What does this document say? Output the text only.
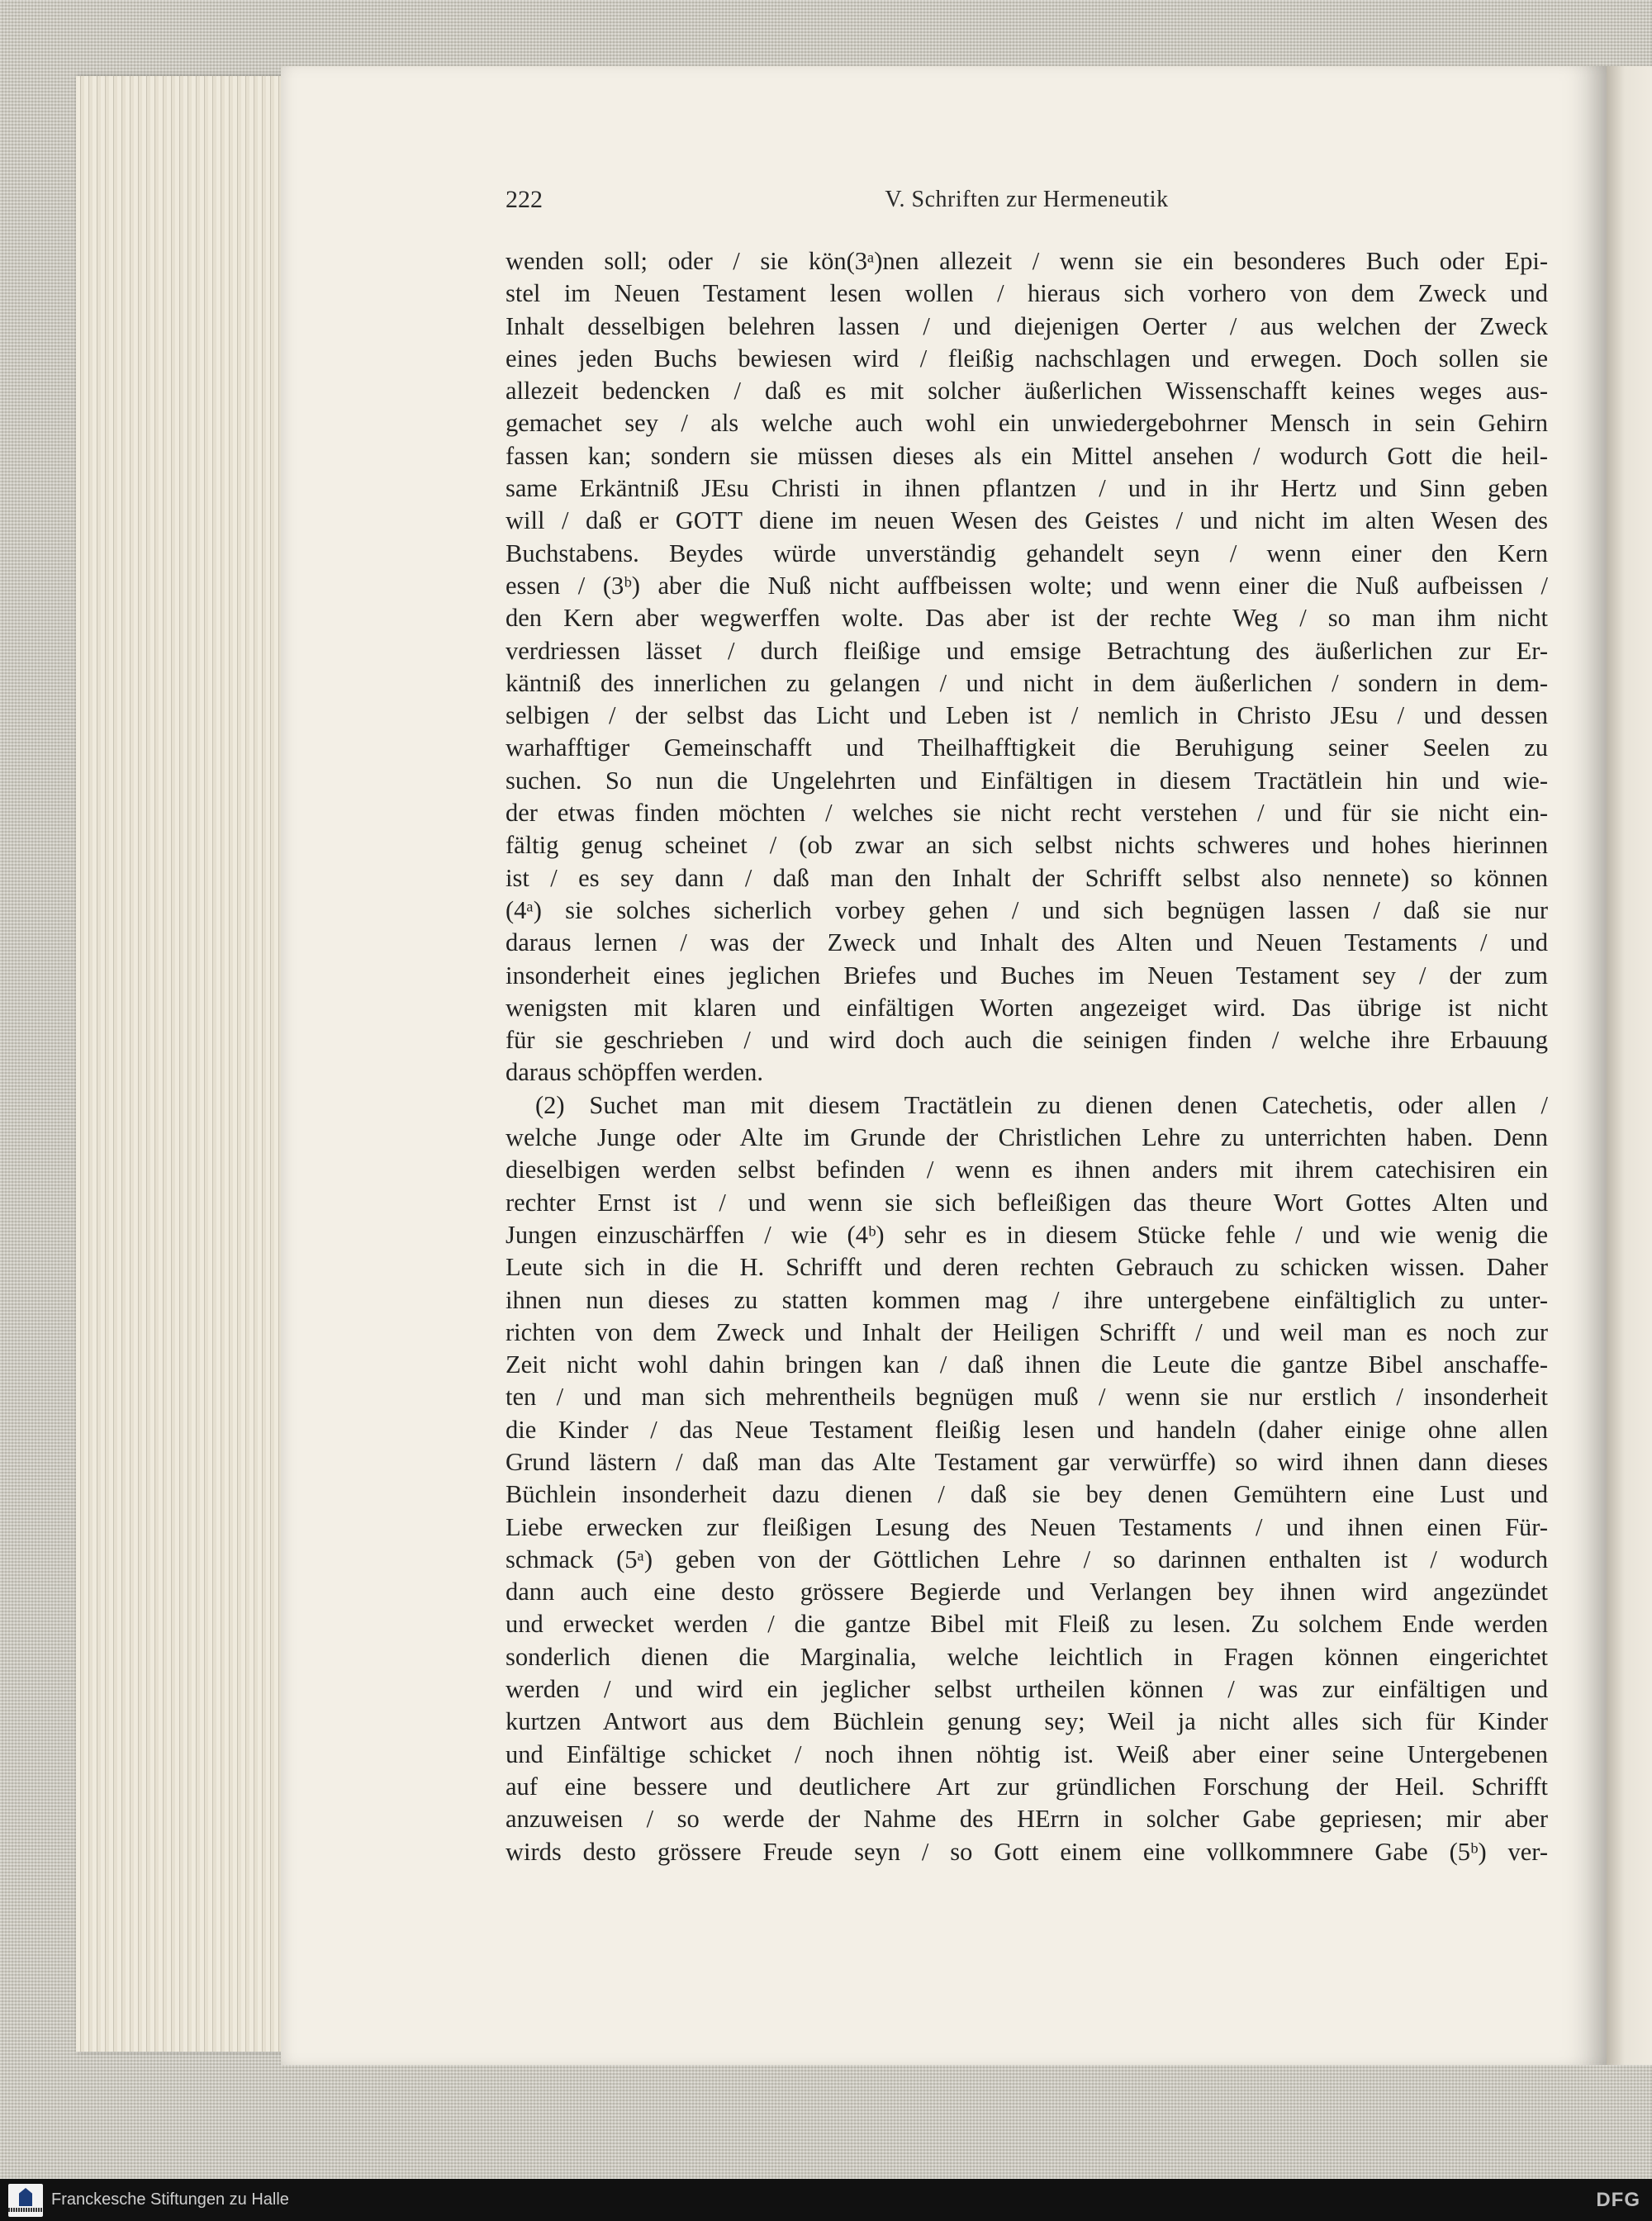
222	V. Schriften zur Hermeneutik
wenden soll; oder / sie kön(3ᵃ)nen allezeit / wenn sie ein besonderes Buch oder Epi-
stel im Neuen Testament lesen wollen / hieraus sich vorhero von dem Zweck und
Inhalt desselbigen belehren lassen / und diejenigen Oerter / aus welchen der Zweck
eines jeden Buchs bewiesen wird / fleißig nachschlagen und erwegen. Doch sollen sie
allezeit bedencken / daß es mit solcher äußerlichen Wissenschafft keines weges aus-
gemachet sey / als welche auch wohl ein unwiedergebohrner Mensch in sein Gehirn
fassen kan; sondern sie müssen dieses als ein Mittel ansehen / wodurch Gott die heil-
same Erkäntniß JEsu Christi in ihnen pflantzen / und in ihr Hertz und Sinn geben
will / daß er GOTT diene im neuen Wesen des Geistes / und nicht im alten Wesen des
Buchstabens. Beydes würde unverständig gehandelt seyn / wenn einer den Kern
essen / (3ᵇ) aber die Nuß nicht auffbeissen wolte; und wenn einer die Nuß aufbeissen /
den Kern aber wegwerffen wolte. Das aber ist der rechte Weg / so man ihm nicht
verdriessen lässet / durch fleißige und emsige Betrachtung des äußerlichen zur Er-
käntniß des innerlichen zu gelangen / und nicht in dem äußerlichen / sondern in dem-
selbigen / der selbst das Licht und Leben ist / nemlich in Christo JEsu / und dessen
warhafftiger Gemeinschafft und Theilhafftigkeit die Beruhigung seiner Seelen zu
suchen. So nun die Ungelehrten und Einfältigen in diesem Tractätlein hin und wie-
der etwas finden möchten / welches sie nicht recht verstehen / und für sie nicht ein-
fältig genug scheinet / (ob zwar an sich selbst nichts schweres und hohes hierinnen
ist / es sey dann / daß man den Inhalt der Schrifft selbst also nennete) so können
(4ᵃ) sie solches sicherlich vorbey gehen / und sich begnügen lassen / daß sie nur
daraus lernen / was der Zweck und Inhalt des Alten und Neuen Testaments / und
insonderheit eines jeglichen Briefes und Buches im Neuen Testament sey / der zum
wenigsten mit klaren und einfältigen Worten angezeiget wird. Das übrige ist nicht
für sie geschrieben / und wird doch auch die seinigen finden / welche ihre Erbauung
daraus schöpffen werden.
(2) Suchet man mit diesem Tractätlein zu dienen denen Catechetis, oder allen /
welche Junge oder Alte im Grunde der Christlichen Lehre zu unterrichten haben. Denn
dieselbigen werden selbst befinden / wenn es ihnen anders mit ihrem catechisiren ein
rechter Ernst ist / und wenn sie sich befleißigen das theure Wort Gottes Alten und
Jungen einzuschärffen / wie (4ᵇ) sehr es in diesem Stücke fehle / und wie wenig die
Leute sich in die H. Schrifft und deren rechten Gebrauch zu schicken wissen. Daher
ihnen nun dieses zu statten kommen mag / ihre untergebene einfältiglich zu unter-
richten von dem Zweck und Inhalt der Heiligen Schrifft / und weil man es noch zur
Zeit nicht wohl dahin bringen kan / daß ihnen die Leute die gantze Bibel anschaffe-
ten / und man sich mehrentheils begnügen muß / wenn sie nur erstlich / insonderheit
die Kinder / das Neue Testament fleißig lesen und handeln (daher einige ohne allen
Grund lästern / daß man das Alte Testament gar verwürffe) so wird ihnen dann dieses
Büchlein insonderheit dazu dienen / daß sie bey denen Gemühtern eine Lust und
Liebe erwecken zur fleißigen Lesung des Neuen Testaments / und ihnen einen Für-
schmack (5ᵃ) geben von der Göttlichen Lehre / so darinnen enthalten ist / wodurch
dann auch eine desto grössere Begierde und Verlangen bey ihnen wird angezündet
und erwecket werden / die gantze Bibel mit Fleiß zu lesen. Zu solchem Ende werden
sonderlich dienen die Marginalia, welche leichtlich in Fragen können eingerichtet
werden / und wird ein jeglicher selbst urtheilen können / was zur einfältigen und
kurtzen Antwort aus dem Büchlein genung sey; Weil ja nicht alles sich für Kinder
und Einfältige schicket / noch ihnen nöhtig ist. Weiß aber einer seine Untergebenen
auf eine bessere und deutlichere Art zur gründlichen Forschung der Heil. Schrifft
anzuweisen / so werde der Nahme des HErrn in solcher Gabe gepriesen; mir aber
wirds desto grössere Freude seyn / so Gott einem eine vollkommnere Gabe (5ᵇ) ver-
Franckesche Stiftungen zu Halle	DFG
